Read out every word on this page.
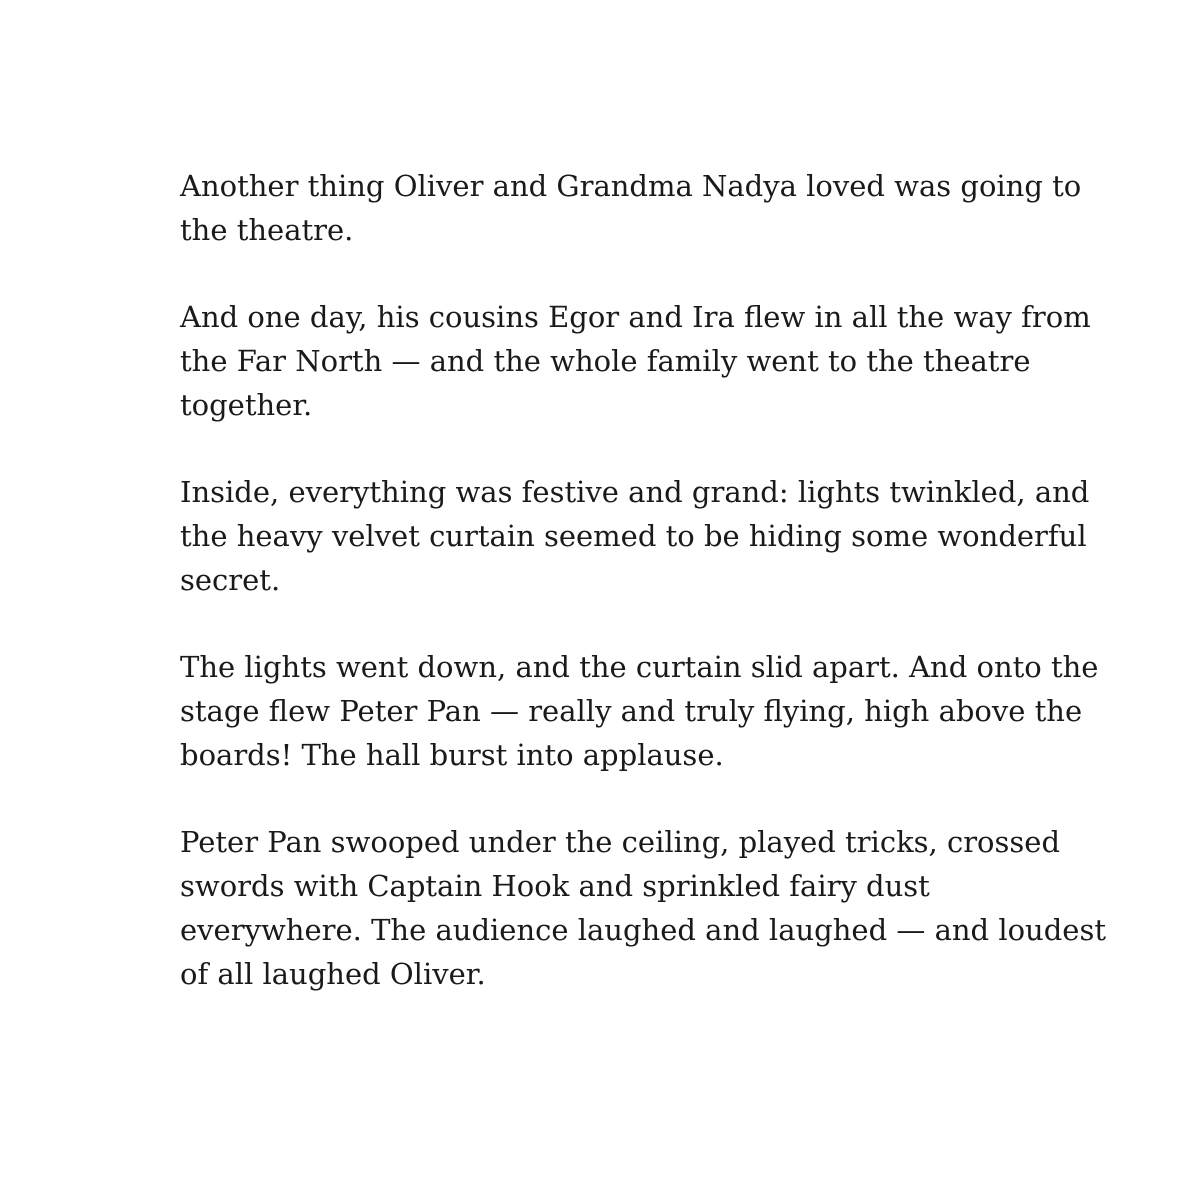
Another thing Oliver and Grandma Nadya loved was going to
the theatre.

And one day, his cousins Egor and Ira flew in all the way from
the Far North — and the whole family went to the theatre
together.

Inside, everything was festive and grand: lights twinkled, and
the heavy velvet curtain seemed to be hiding some wonderful
secret.

The lights went down, and the curtain slid apart. And onto the
stage flew Peter Pan — really and truly flying, high above the
boards! The hall burst into applause.

Peter Pan swooped under the ceiling, played tricks, crossed
swords with Captain Hook and sprinkled fairy dust
everywhere. The audience laughed and laughed — and loudest
of all laughed Oliver.
